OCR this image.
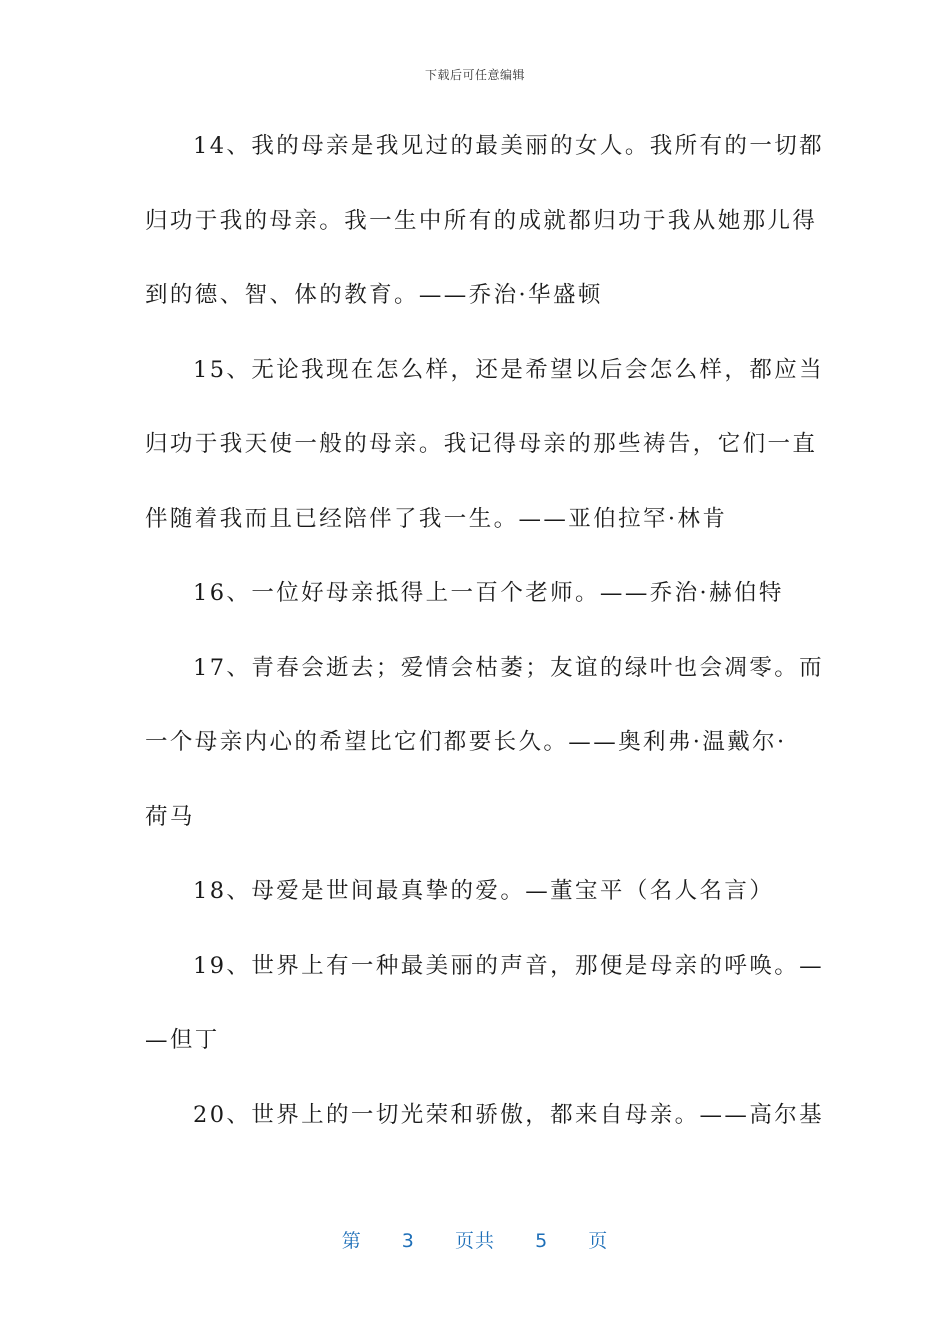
下载后可任意编辑
14、我的母亲是我见过的最美丽的女人。我所有的一切都
归功于我的母亲。我一生中所有的成就都归功于我从她那儿得
到的德、智、体的教育。——乔治·华盛顿
15、无论我现在怎么样，还是希望以后会怎么样，都应当
归功于我天使一般的母亲。我记得母亲的那些祷告，它们一直
伴随着我而且已经陪伴了我一生。——亚伯拉罕·林肯
16、一位好母亲抵得上一百个老师。——乔治·赫伯特
17、青春会逝去；爱情会枯萎；友谊的绿叶也会凋零。而
一个母亲内心的希望比它们都要长久。——奥利弗·温戴尔·
荷马
18、母爱是世间最真挚的爱。—董宝平（名人名言）
19、世界上有一种最美丽的声音，那便是母亲的呼唤。—
—但丁
20、世界上的一切光荣和骄傲，都来自母亲。——高尔基
第 3 页共 5 页
